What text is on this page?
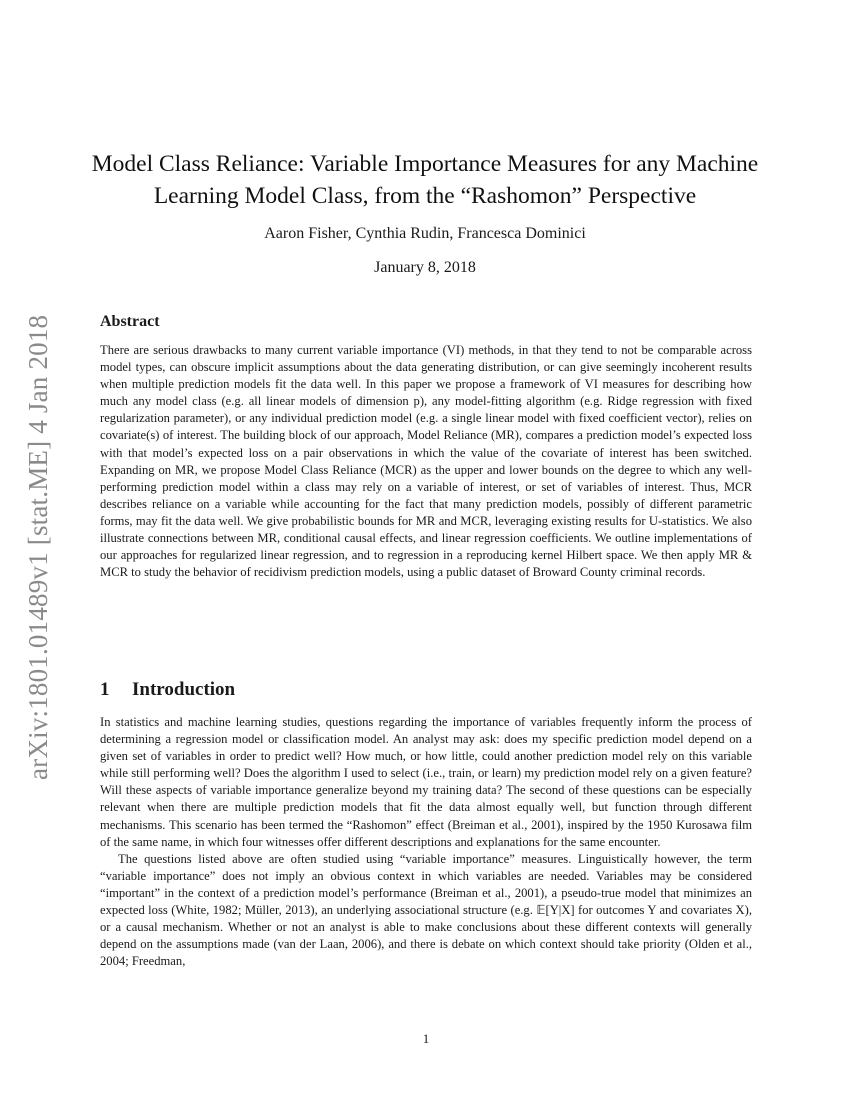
arXiv:1801.01489v1 [stat.ME] 4 Jan 2018
Model Class Reliance: Variable Importance Measures for any Machine Learning Model Class, from the “Rashomon” Perspective
Aaron Fisher, Cynthia Rudin, Francesca Dominici
January 8, 2018
Abstract
There are serious drawbacks to many current variable importance (VI) methods, in that they tend to not be comparable across model types, can obscure implicit assumptions about the data generating distribution, or can give seemingly incoherent results when multiple prediction models fit the data well. In this paper we propose a framework of VI measures for describing how much any model class (e.g. all linear models of dimension p), any model-fitting algorithm (e.g. Ridge regression with fixed regularization parameter), or any individual prediction model (e.g. a single linear model with fixed coefficient vector), relies on covariate(s) of interest. The building block of our approach, Model Reliance (MR), compares a prediction model’s expected loss with that model’s expected loss on a pair observations in which the value of the covariate of interest has been switched. Expanding on MR, we propose Model Class Reliance (MCR) as the upper and lower bounds on the degree to which any well-performing prediction model within a class may rely on a variable of interest, or set of variables of interest. Thus, MCR describes reliance on a variable while accounting for the fact that many prediction models, possibly of different parametric forms, may fit the data well. We give probabilistic bounds for MR and MCR, leveraging existing results for U-statistics. We also illustrate connections between MR, conditional causal effects, and linear regression coefficients. We outline implementations of our approaches for regularized linear regression, and to regression in a reproducing kernel Hilbert space. We then apply MR & MCR to study the behavior of recidivism prediction models, using a public dataset of Broward County criminal records.
1 Introduction

In statistics and machine learning studies, questions regarding the importance of variables frequently inform the process of determining a regression model or classification model. An analyst may ask: does my specific prediction model depend on a given set of variables in order to predict well? How much, or how little, could another prediction model rely on this variable while still performing well? Does the algorithm I used to select (i.e., train, or learn) my prediction model rely on a given feature? Will these aspects of variable importance generalize beyond my training data? The second of these questions can be especially relevant when there are multiple prediction models that fit the data almost equally well, but function through different mechanisms. This scenario has been termed the “Rashomon” effect (Breiman et al., 2001), inspired by the 1950 Kurosawa film of the same name, in which four witnesses offer different descriptions and explanations for the same encounter.

The questions listed above are often studied using “variable importance” measures. Linguistically however, the term “variable importance” does not imply an obvious context in which variables are needed. Variables may be considered “important” in the context of a prediction model’s performance (Breiman et al., 2001), a pseudo-true model that minimizes an expected loss (White, 1982; Müller, 2013), an underlying associational structure (e.g. 𝔼[Y|X] for outcomes Y and covariates X), or a causal mechanism. Whether or not an analyst is able to make conclusions about these different contexts will generally depend on the assumptions made (van der Laan, 2006), and there is debate on which context should take priority (Olden et al., 2004; Freedman,

1
